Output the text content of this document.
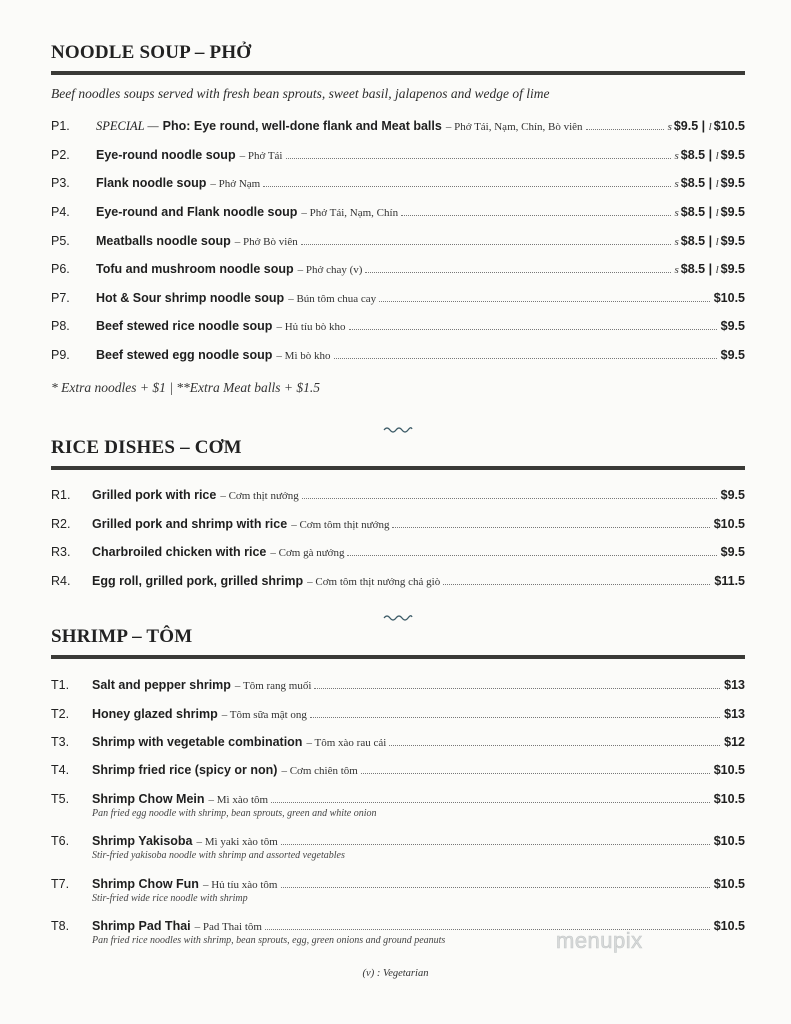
NOODLE SOUP – PHỞ
Beef noodles soups served with fresh bean sprouts, sweet basil, jalapenos and wedge of lime
P1. SPECIAL — Pho: Eye round, well-done flank and Meat balls – Phở Tái, Nạm, Chín, Bò viên	s $9.5 | l $10.5
P2. Eye-round noodle soup – Phở Tái	s $8.5 | l $9.5
P3. Flank noodle soup – Phở Nạm	s $8.5 | l $9.5
P4. Eye-round and Flank noodle soup – Phở Tái, Nạm, Chín	s $8.5 | l $9.5
P5. Meatballs noodle soup – Phở Bò viên	s $8.5 | l $9.5
P6. Tofu and mushroom noodle soup – Phở chay (v)	s $8.5 | l $9.5
P7. Hot & Sour shrimp noodle soup – Bún tôm chua cay	$10.5
P8. Beef stewed rice noodle soup – Hủ tíu bò kho	$9.5
P9. Beef stewed egg noodle soup – Mì bò kho	$9.5
* Extra noodles + $1 | **Extra Meat balls + $1.5
RICE DISHES – CƠM
R1. Grilled pork with rice – Cơm thịt nướng	$9.5
R2. Grilled pork and shrimp with rice – Cơm tôm thịt nướng	$10.5
R3. Charbroiled chicken with rice – Cơm gà nướng	$9.5
R4. Egg roll, grilled pork, grilled shrimp – Cơm tôm thịt nướng chả giò	$11.5
SHRIMP – TÔM
T1. Salt and pepper shrimp – Tôm rang muối	$13
T2. Honey glazed shrimp – Tôm sữa mật ong	$13
T3. Shrimp with vegetable combination – Tôm xào rau cải	$12
T4. Shrimp fried rice (spicy or non) – Cơm chiên tôm	$10.5
T5. Shrimp Chow Mein – Mì xào tôm	$10.5
Pan fried egg noodle with shrimp, bean sprouts, green and white onion
T6. Shrimp Yakisoba – Mì yaki xào tôm	$10.5
Stir-fried yakisoba noodle with shrimp and assorted vegetables
T7. Shrimp Chow Fun – Hủ tíu xào tôm	$10.5
Stir-fried wide rice noodle with shrimp
T8. Shrimp Pad Thai – Pad Thai tôm	$10.5
Pan fried rice noodles with shrimp, bean sprouts, egg, green onions and ground peanuts	menupix
(v) : Vegetarian
